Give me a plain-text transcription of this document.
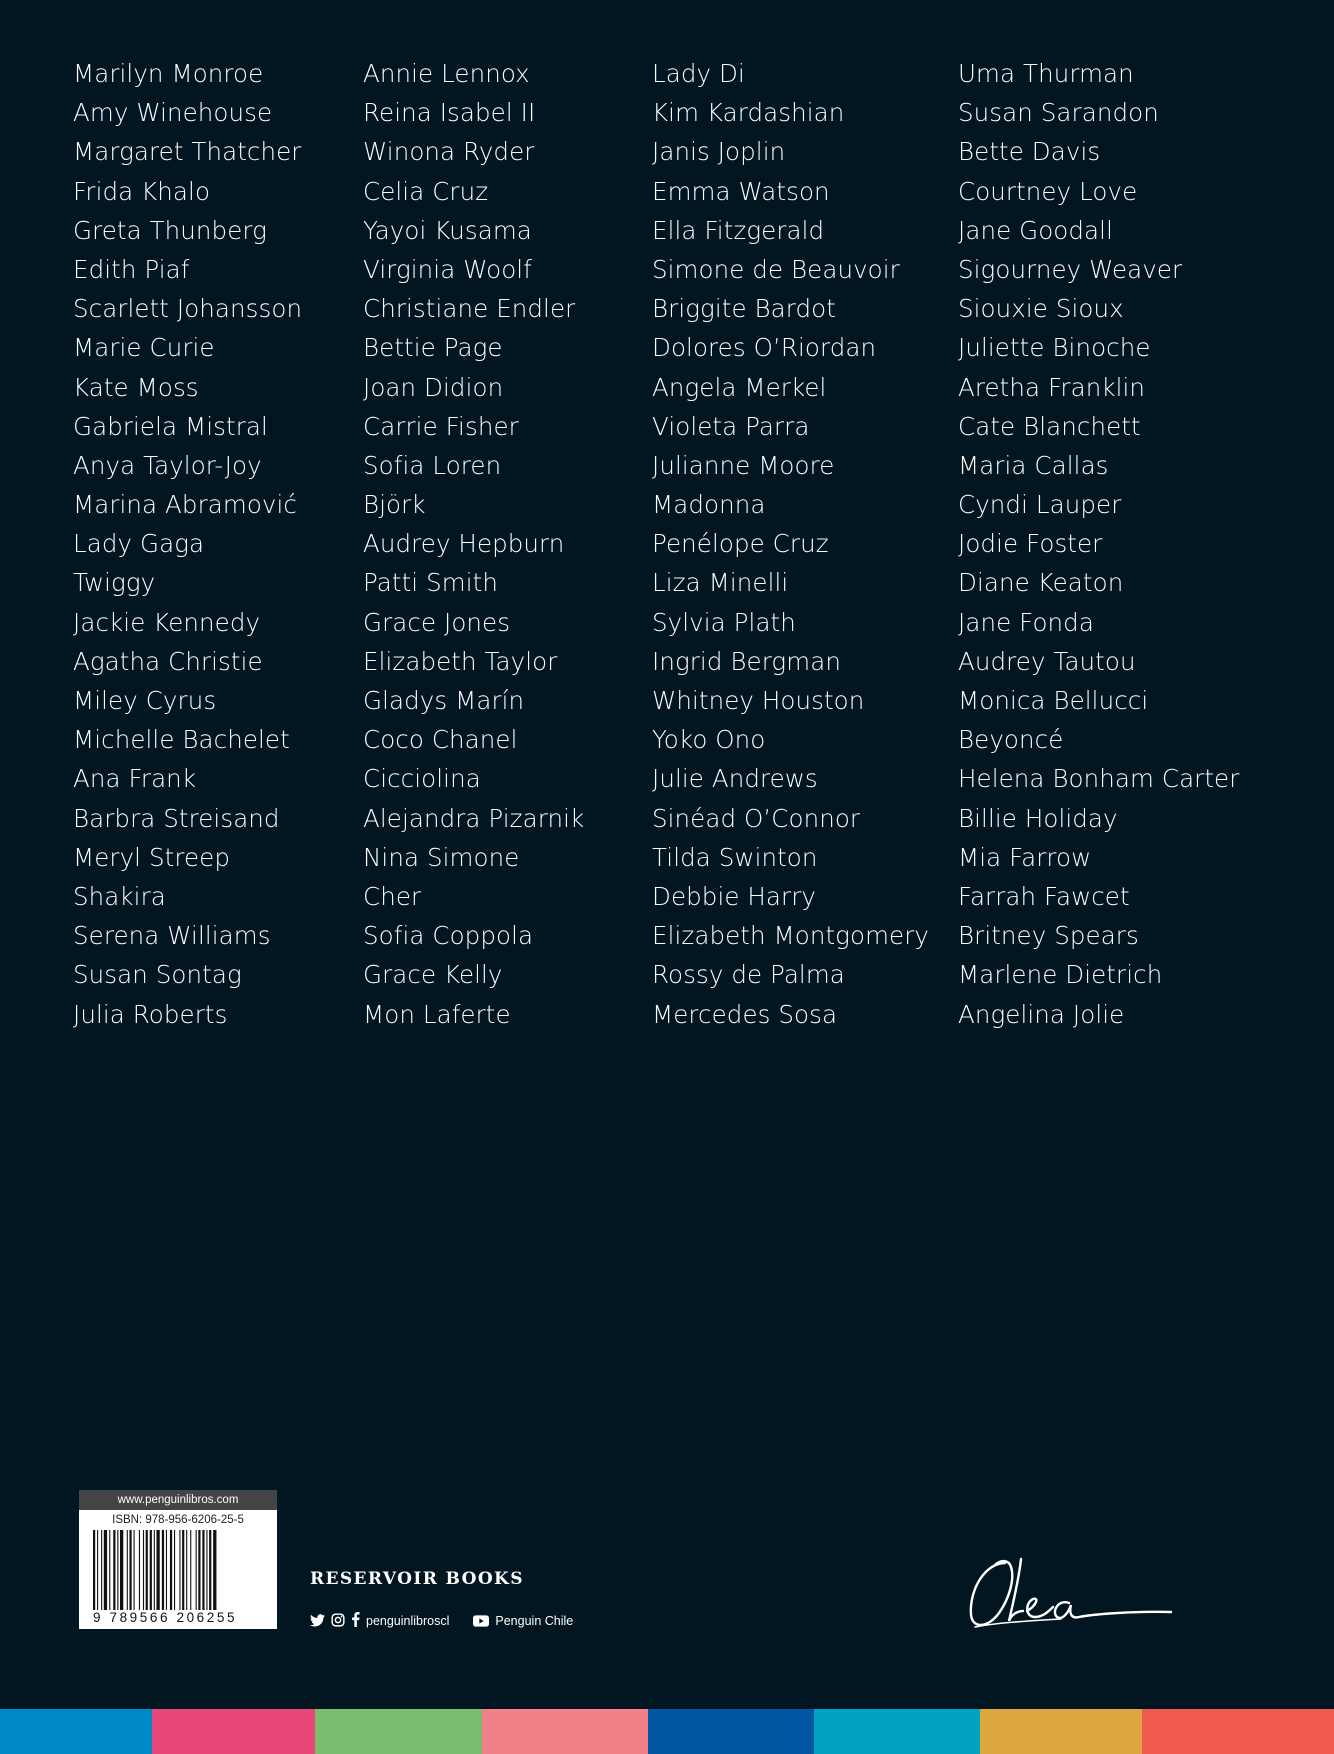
Marilyn Monroe
Amy Winehouse
Margaret Thatcher
Frida Khalo
Greta Thunberg
Edith Piaf
Scarlett Johansson
Marie Curie
Kate Moss
Gabriela Mistral
Anya Taylor-Joy
Marina Abramović
Lady Gaga
Twiggy
Jackie Kennedy
Agatha Christie
Miley Cyrus
Michelle Bachelet
Ana Frank
Barbra Streisand
Meryl Streep
Shakira
Serena Williams
Susan Sontag
Julia Roberts
Annie Lennox
Reina Isabel II
Winona Ryder
Celia Cruz
Yayoi Kusama
Virginia Woolf
Christiane Endler
Bettie Page
Joan Didion
Carrie Fisher
Sofia Loren
Björk
Audrey Hepburn
Patti Smith
Grace Jones
Elizabeth Taylor
Gladys Marín
Coco Chanel
Cicciolina
Alejandra Pizarnik
Nina Simone
Cher
Sofia Coppola
Grace Kelly
Mon Laferte
Lady Di
Kim Kardashian
Janis Joplin
Emma Watson
Ella Fitzgerald
Simone de Beauvoir
Briggite Bardot
Dolores O’Riordan
Angela Merkel
Violeta Parra
Julianne Moore
Madonna
Penélope Cruz
Liza Minelli
Sylvia Plath
Ingrid Bergman
Whitney Houston
Yoko Ono
Julie Andrews
Sinéad O’Connor
Tilda Swinton
Debbie Harry
Elizabeth Montgomery
Rossy de Palma
Mercedes Sosa
Uma Thurman
Susan Sarandon
Bette Davis
Courtney Love
Jane Goodall
Sigourney Weaver
Siouxie Sioux
Juliette Binoche
Aretha Franklin
Cate Blanchett
Maria Callas
Cyndi Lauper
Jodie Foster
Diane Keaton
Jane Fonda
Audrey Tautou
Monica Bellucci
Beyoncé
Helena Bonham Carter
Billie Holiday
Mia Farrow
Farrah Fawcet
Britney Spears
Marlene Dietrich
Angelina Jolie
www.penguinlibros.com
ISBN: 978-956-6206-25-5
9 789566 206255
RESERVOIR BOOKS
penguinlibroscl	Penguin Chile
